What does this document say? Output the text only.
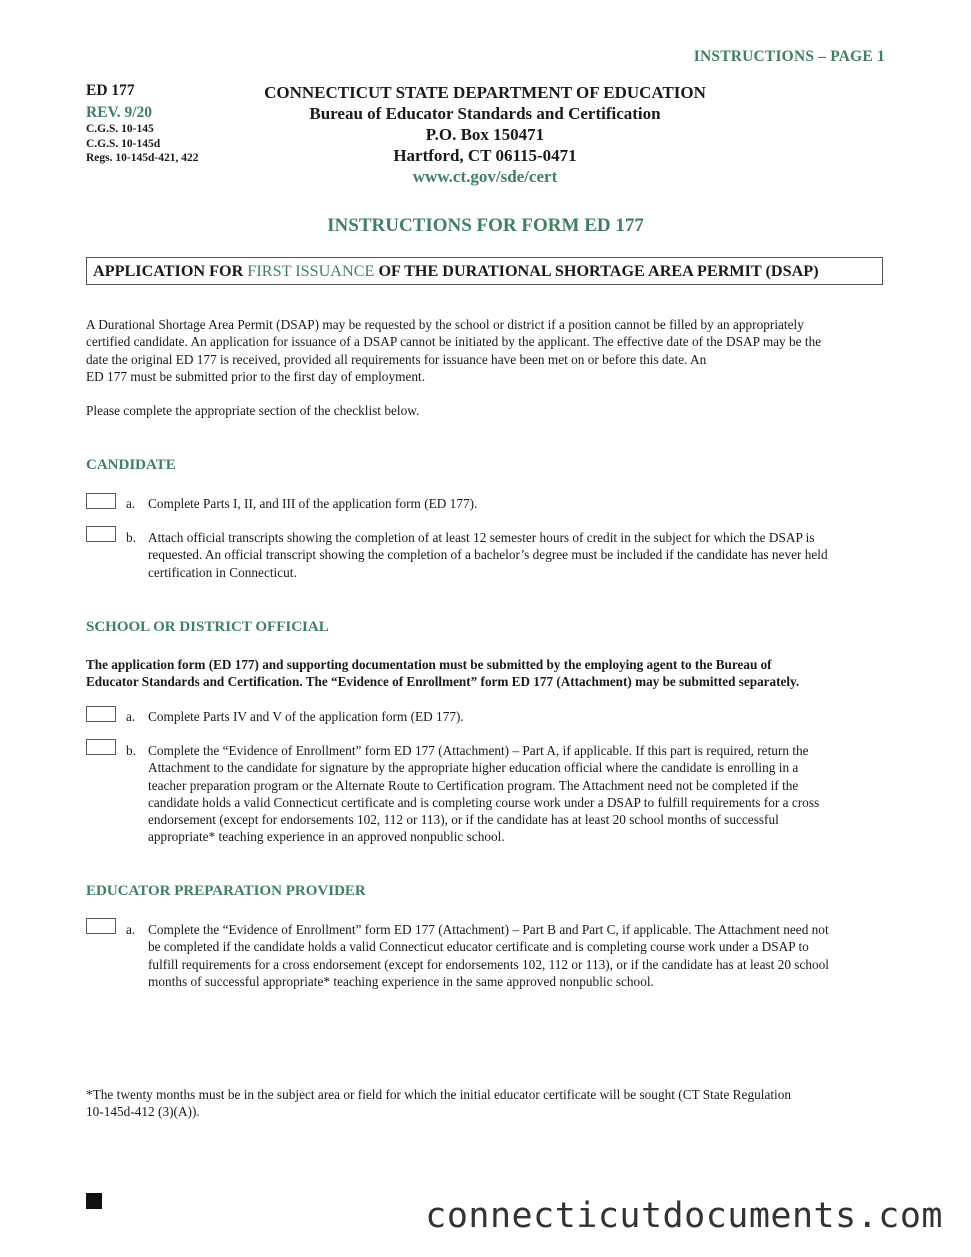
INSTRUCTIONS – PAGE 1
ED 177
REV. 9/20
C.G.S. 10-145
C.G.S. 10-145d
Regs. 10-145d-421, 422
CONNECTICUT STATE DEPARTMENT OF EDUCATION
Bureau of Educator Standards and Certification
P.O. Box 150471
Hartford, CT 06115-0471
www.ct.gov/sde/cert
INSTRUCTIONS FOR FORM ED 177
APPLICATION FOR FIRST ISSUANCE OF THE DURATIONAL SHORTAGE AREA PERMIT (DSAP)
A Durational Shortage Area Permit (DSAP) may be requested by the school or district if a position cannot be filled by an appropriately
certified candidate. An application for issuance of a DSAP cannot be initiated by the applicant. The effective date of the DSAP may be the
date the original ED 177 is received, provided all requirements for issuance have been met on or before this date. An
ED 177 must be submitted prior to the first day of employment.
Please complete the appropriate section of the checklist below.
CANDIDATE
a. Complete Parts I, II, and III of the application form (ED 177).
b. Attach official transcripts showing the completion of at least 12 semester hours of credit in the subject for which the DSAP is
requested. An official transcript showing the completion of a bachelor’s degree must be included if the candidate has never held
certification in Connecticut.
SCHOOL OR DISTRICT OFFICIAL
The application form (ED 177) and supporting documentation must be submitted by the employing agent to the Bureau of
Educator Standards and Certification. The “Evidence of Enrollment” form ED 177 (Attachment) may be submitted separately.
a. Complete Parts IV and V of the application form (ED 177).
b. Complete the “Evidence of Enrollment” form ED 177 (Attachment) – Part A, if applicable. If this part is required, return the
Attachment to the candidate for signature by the appropriate higher education official where the candidate is enrolling in a
teacher preparation program or the Alternate Route to Certification program. The Attachment need not be completed if the
candidate holds a valid Connecticut certificate and is completing course work under a DSAP to fulfill requirements for a cross
endorsement (except for endorsements 102, 112 or 113), or if the candidate has at least 20 school months of successful
appropriate* teaching experience in an approved nonpublic school.
EDUCATOR PREPARATION PROVIDER
a. Complete the “Evidence of Enrollment” form ED 177 (Attachment) – Part B and Part C, if applicable. The Attachment need not
be completed if the candidate holds a valid Connecticut educator certificate and is completing course work under a DSAP to
fulfill requirements for a cross endorsement (except for endorsements 102, 112 or 113), or if the candidate has at least 20 school
months of successful appropriate* teaching experience in the same approved nonpublic school.
*The twenty months must be in the subject area or field for which the initial educator certificate will be sought (CT State Regulation
10-145d-412 (3)(A)).
connecticutdocuments.com
